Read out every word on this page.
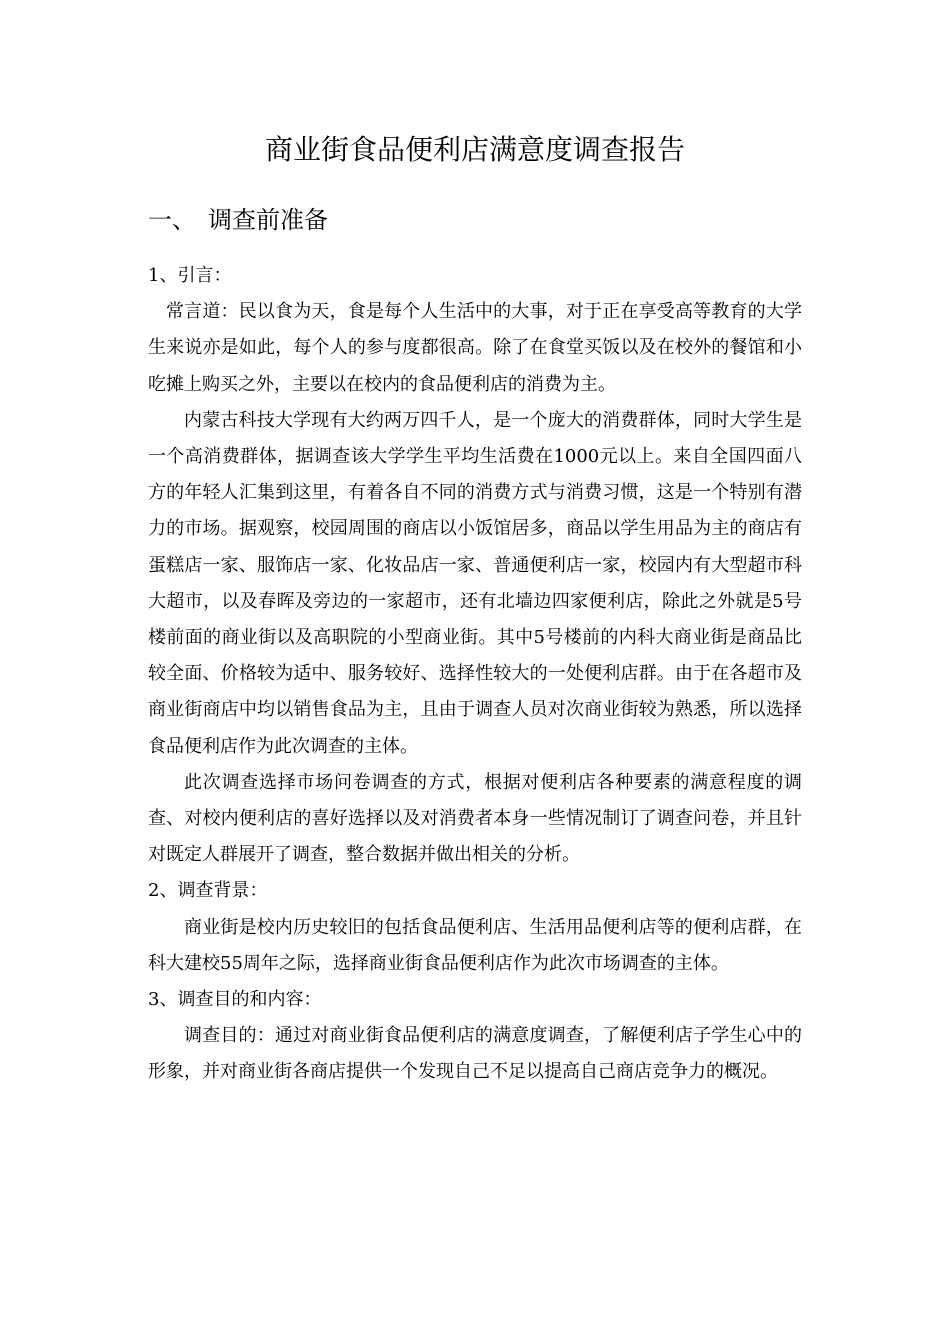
商业街食品便利店满意度调查报告
一、 调查前准备

1、引言：

常言道：民以食为天，食是每个人生活中的大事，对于正在享受高等教育的大学生来说亦是如此，每个人的参与度都很高。除了在食堂买饭以及在校外的餐馆和小吃摊上购买之外，主要以在校内的食品便利店的消费为主。

内蒙古科技大学现有大约两万四千人，是一个庞大的消费群体，同时大学生是一个高消费群体，据调查该大学学生平均生活费在1000元以上。来自全国四面八方的年轻人汇集到这里，有着各自不同的消费方式与消费习惯，这是一个特别有潜力的市场。据观察，校园周围的商店以小饭馆居多，商品以学生用品为主的商店有蛋糕店一家、服饰店一家、化妆品店一家、普通便利店一家，校园内有大型超市科大超市，以及春晖及旁边的一家超市，还有北墙边四家便利店，除此之外就是5号楼前面的商业街以及高职院的小型商业街。其中5号楼前的内科大商业街是商品比较全面、价格较为适中、服务较好、选择性较大的一处便利店群。由于在各超市及商业街商店中均以销售食品为主，且由于调查人员对次商业街较为熟悉，所以选择食品便利店作为此次调查的主体。

此次调查选择市场问卷调查的方式，根据对便利店各种要素的满意程度的调查、对校内便利店的喜好选择以及对消费者本身一些情况制订了调查问卷，并且针对既定人群展开了调查，整合数据并做出相关的分析。

2、调查背景：

商业街是校内历史较旧的包括食品便利店、生活用品便利店等的便利店群，在科大建校55周年之际，选择商业街食品便利店作为此次市场调查的主体。

3、调查目的和内容：

调查目的：通过对商业街食品便利店的满意度调查，了解便利店子学生心中的形象，并对商业街各商店提供一个发现自己不足以提高自己商店竞争力的概况。
